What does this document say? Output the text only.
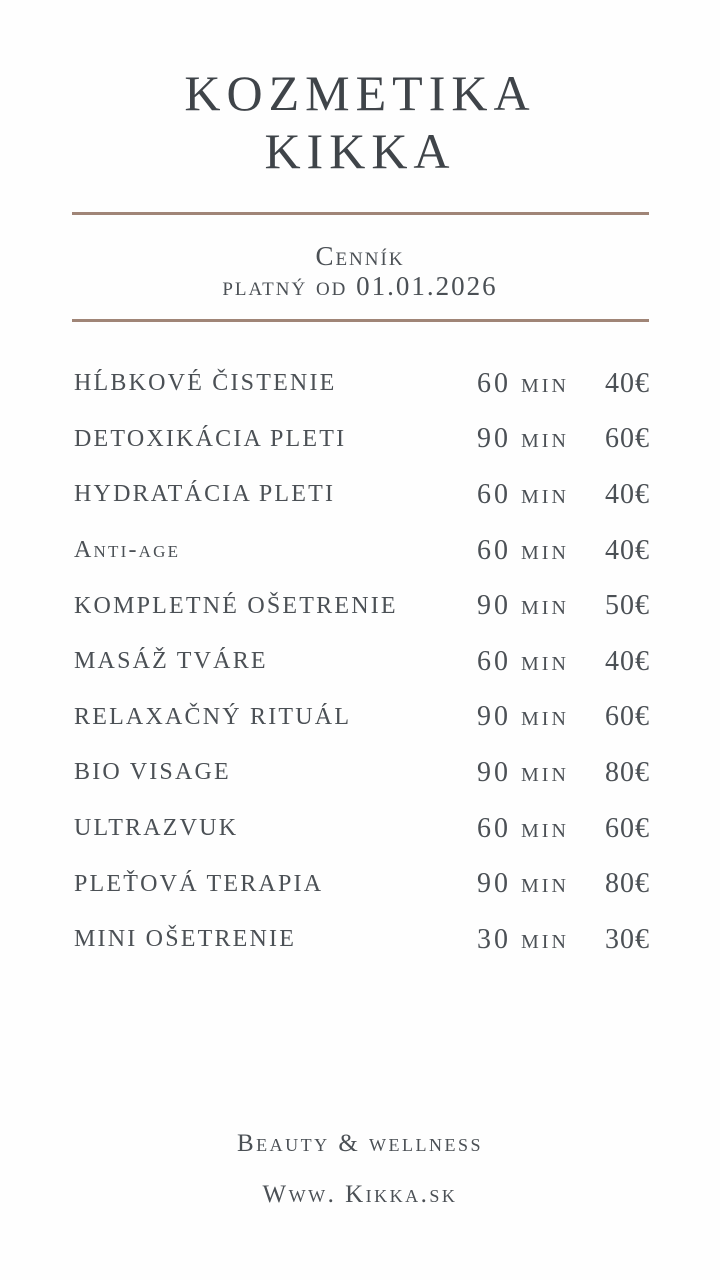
KOZMETIKA
KIKKA
Cenník
platný od 01.01.2026
HĹBKOVÉ ČISTENIE	60 min	40€
DETOXIKÁCIA PLETI	90 min	60€
HYDRATÁCIA PLETI	60 min	40€
Anti-age	60 min	40€
KOMPLETNÉ OŠETRENIE	90 min	50€
MASÁŽ TVÁRE	60 min	40€
RELAXAČNÝ RITUÁL	90 min	60€
BIO VISAGE	90 min	80€
ULTRAZVUK	60 min	60€
PLEŤOVÁ TERAPIA	90 min	80€
MINI OŠETRENIE	30 min	30€
Beauty & wellness
Www. Kikka.sk
